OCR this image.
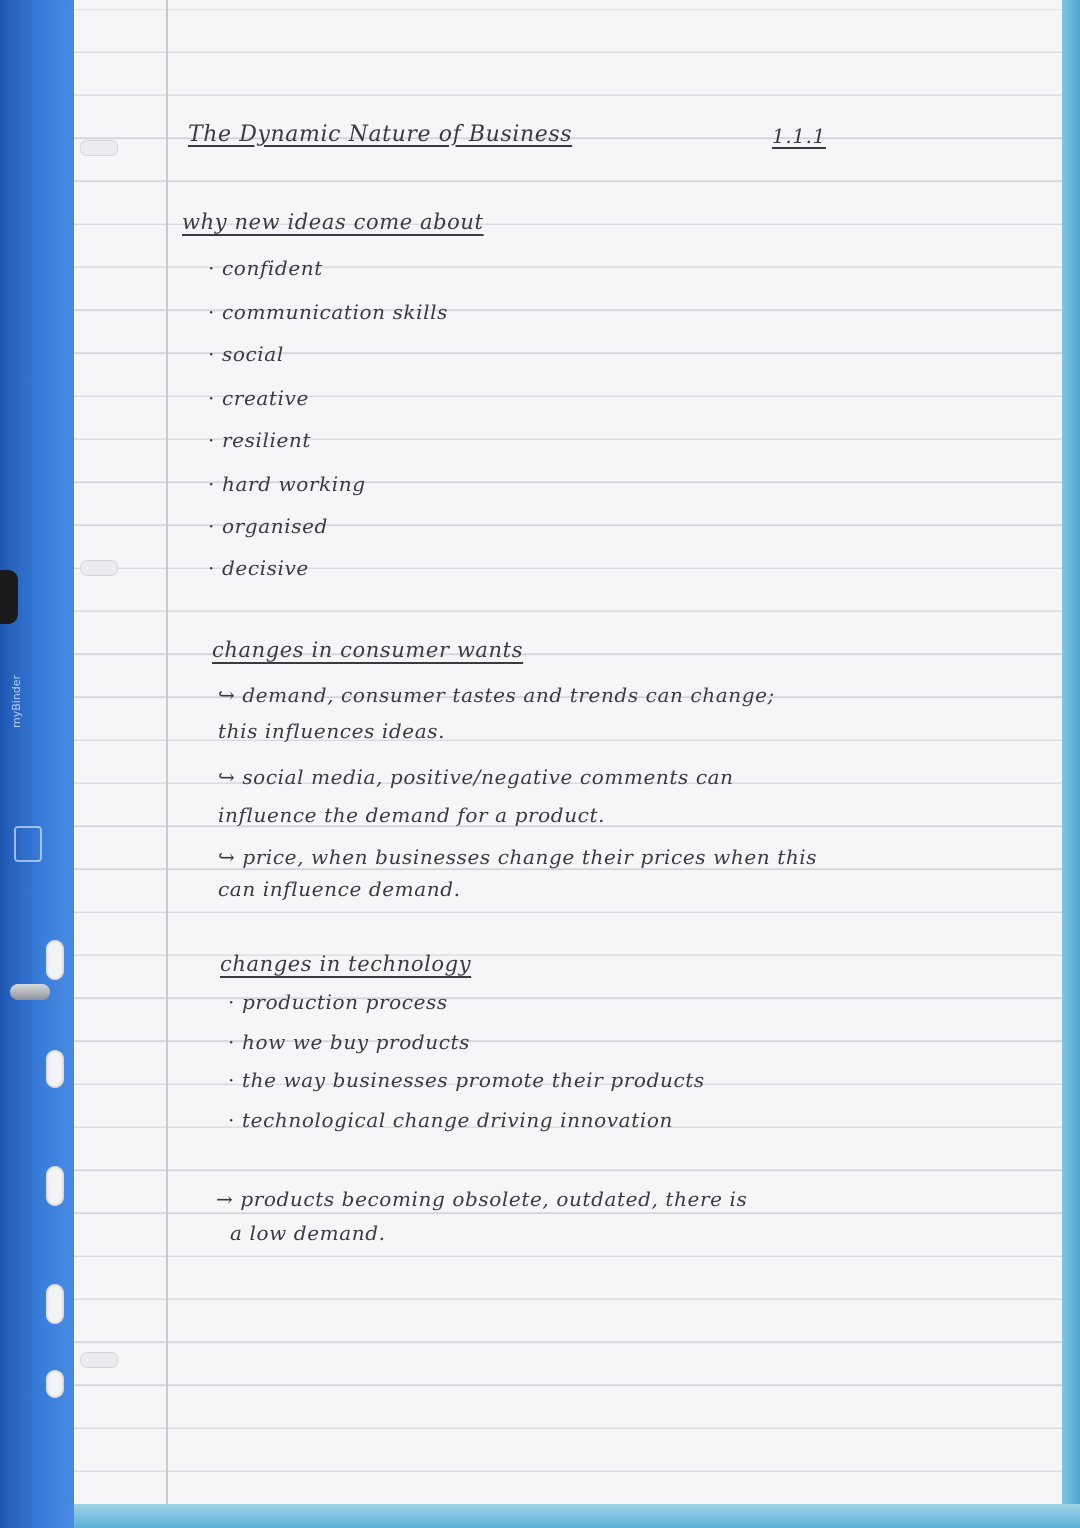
myBinder
The Dynamic Nature of Business	1.1.1
why new ideas come about
· confident
· communication skills
· social
· creative
· resilient
· hard working
· organised
· decisive
changes in consumer wants
↪ demand, consumer tastes and trends can change;
this influences ideas.
↪ social media, positive/negative comments can
influence the demand for a product.
↪ price, when businesses change their prices when this
can influence demand.
changes in technology
· production process
· how we buy products
· the way businesses promote their products
· technological change driving innovation
→ products becoming obsolete, outdated, there is
a low demand.
